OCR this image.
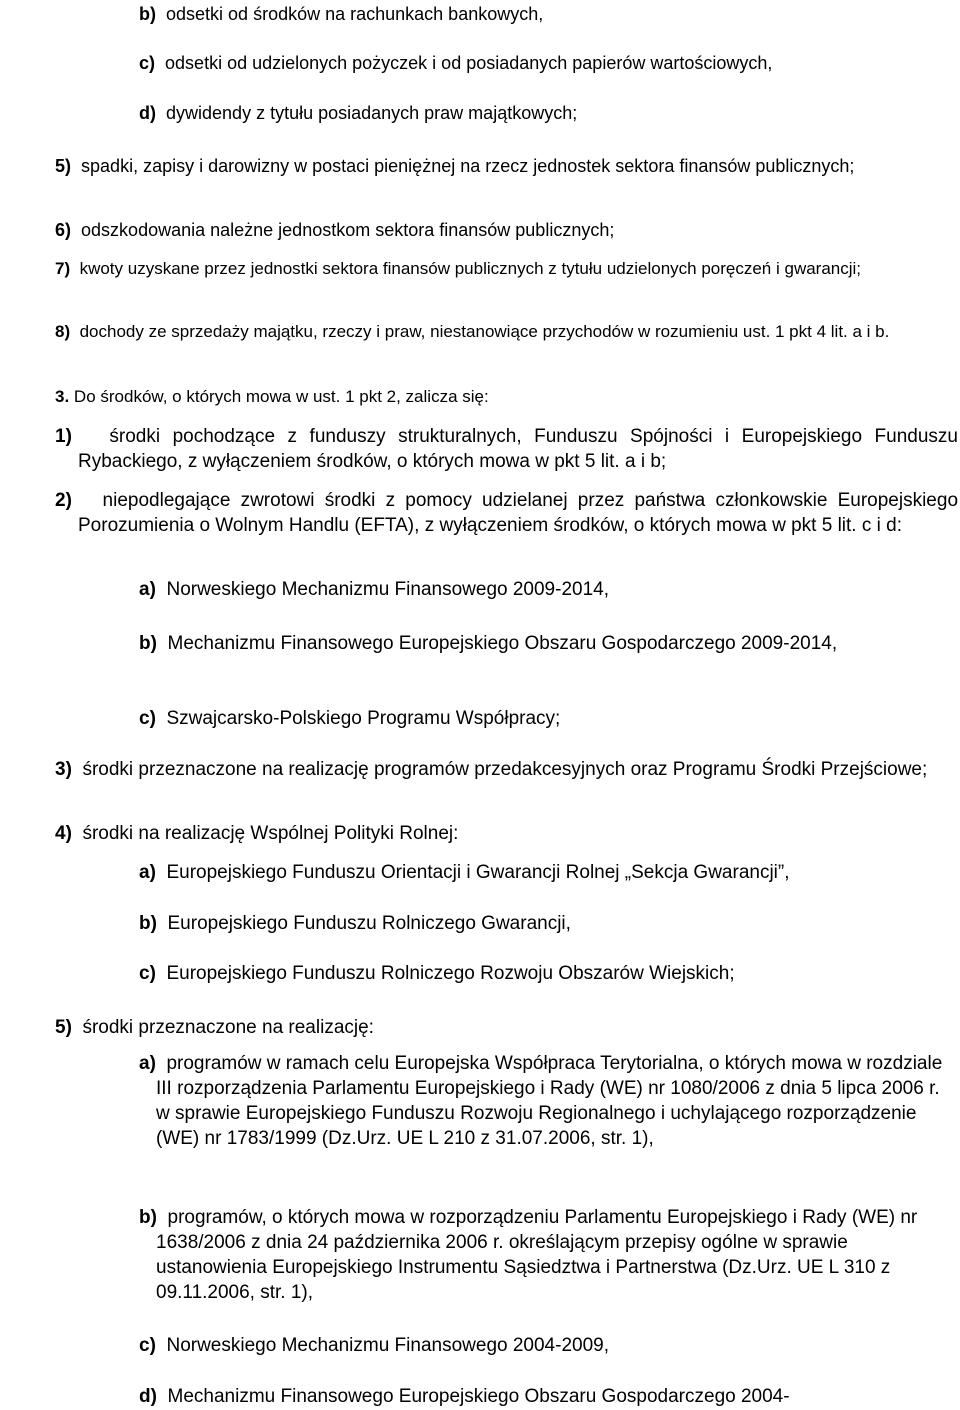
b) odsetki od środków na rachunkach bankowych,

c) odsetki od udzielonych pożyczek i od posiadanych papierów wartościowych,

d) dywidendy z tytułu posiadanych praw majątkowych;

5) spadki, zapisy i darowizny w postaci pieniężnej na rzecz jednostek sektora finansów publicznych;

6) odszkodowania należne jednostkom sektora finansów publicznych;

7) kwoty uzyskane przez jednostki sektora finansów publicznych z tytułu udzielonych poręczeń i gwarancji;

8) dochody ze sprzedaży majątku, rzeczy i praw, niestanowiące przychodów w rozumieniu ust. 1 pkt 4 lit. a i b.

3. Do środków, o których mowa w ust. 1 pkt 2, zalicza się:

1) środki pochodzące z funduszy strukturalnych, Funduszu Spójności i Europejskiego Funduszu Rybackiego, z wyłączeniem środków, o których mowa w pkt 5 lit. a i b;

2) niepodlegające zwrotowi środki z pomocy udzielanej przez państwa członkowskie Europejskiego Porozumienia o Wolnym Handlu (EFTA), z wyłączeniem środków, o których mowa w pkt 5 lit. c i d:

a) Norweskiego Mechanizmu Finansowego 2009-2014,

b) Mechanizmu Finansowego Europejskiego Obszaru Gospodarczego 2009-2014,

c) Szwajcarsko-Polskiego Programu Współpracy;

3) środki przeznaczone na realizację programów przedakcesyjnych oraz Programu Środki Przejściowe;

4) środki na realizację Wspólnej Polityki Rolnej:

a) Europejskiego Funduszu Orientacji i Gwarancji Rolnej „Sekcja Gwarancji”,

b) Europejskiego Funduszu Rolniczego Gwarancji,

c) Europejskiego Funduszu Rolniczego Rozwoju Obszarów Wiejskich;

5) środki przeznaczone na realizację:

a) programów w ramach celu Europejska Współpraca Terytorialna, o których mowa w rozdziale III rozporządzenia Parlamentu Europejskiego i Rady (WE) nr 1080/2006 z dnia 5 lipca 2006 r. w sprawie Europejskiego Funduszu Rozwoju Regionalnego i uchylającego rozporządzenie (WE) nr 1783/1999 (Dz.Urz. UE L 210 z 31.07.2006, str. 1),

b) programów, o których mowa w rozporządzeniu Parlamentu Europejskiego i Rady (WE) nr 1638/2006 z dnia 24 października 2006 r. określającym przepisy ogólne w sprawie ustanowienia Europejskiego Instrumentu Sąsiedztwa i Partnerstwa (Dz.Urz. UE L 310 z 09.11.2006, str. 1),

c) Norweskiego Mechanizmu Finansowego 2004-2009,

d) Mechanizmu Finansowego Europejskiego Obszaru Gospodarczego 2004-
